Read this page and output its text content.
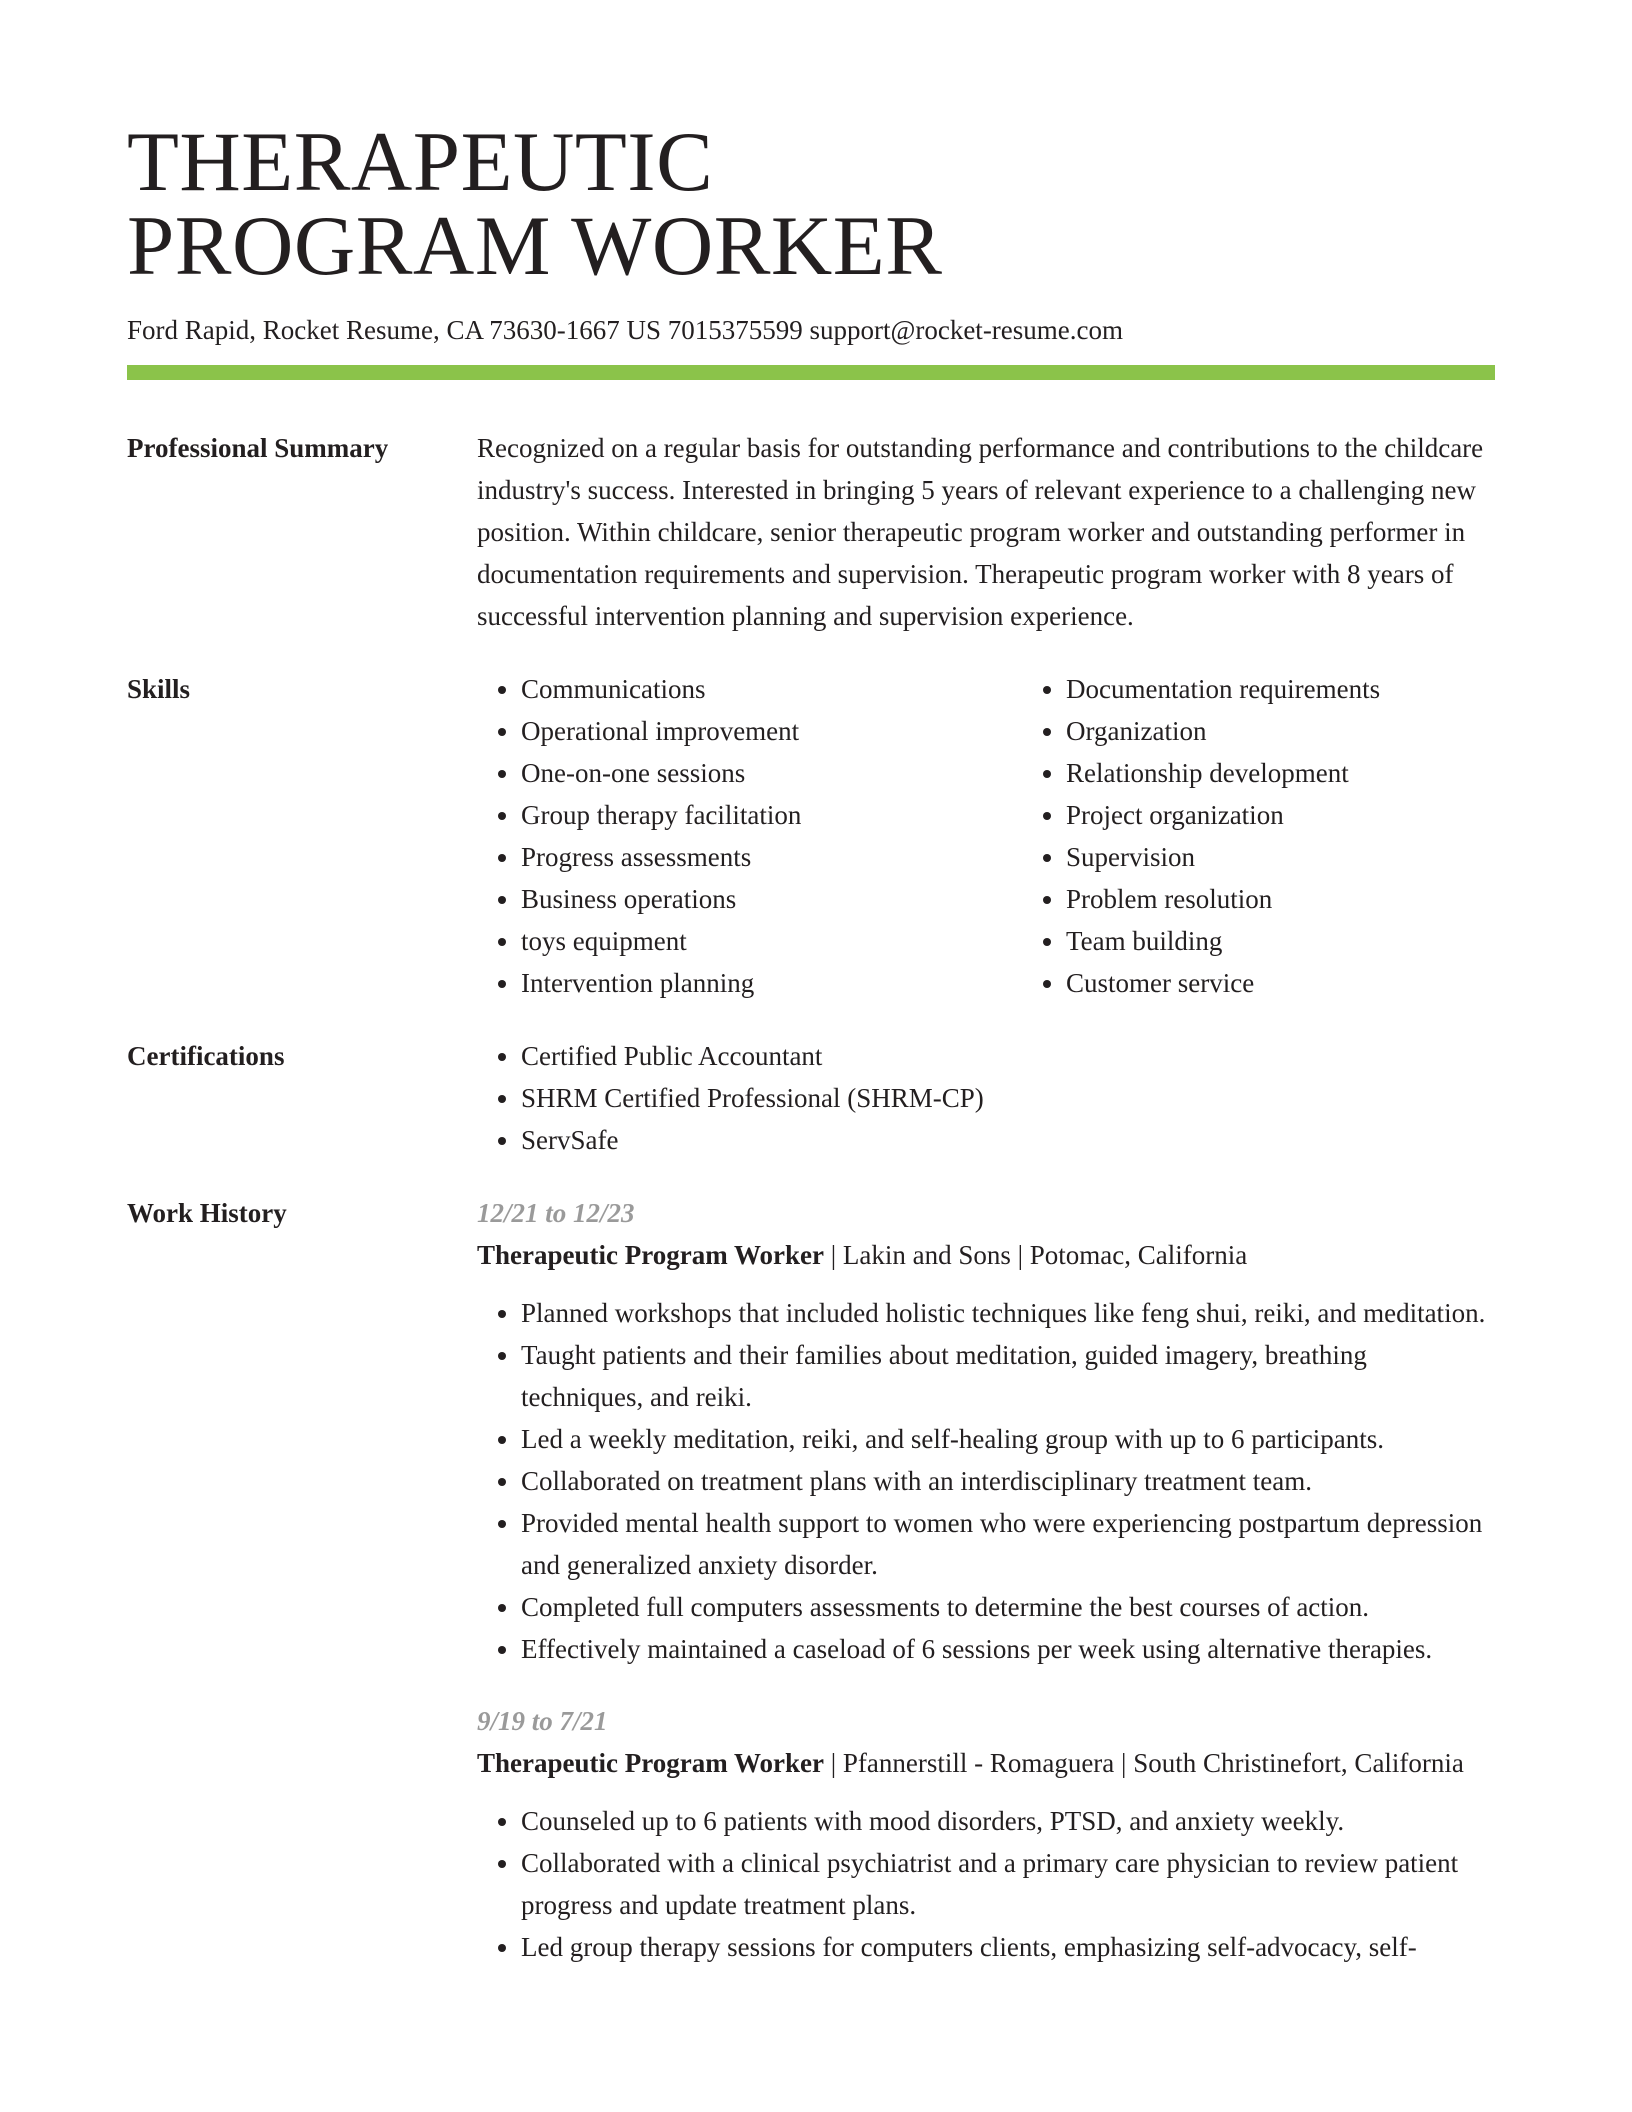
THERAPEUTIC
PROGRAM WORKER
Ford Rapid, Rocket Resume, CA 73630-1667 US 7015375599 support@rocket-resume.com
Professional Summary	Recognized on a regular basis for outstanding performance and contributions to the childcare industry's success. Interested in bringing 5 years of relevant experience to a challenging new position. Within childcare, senior therapeutic program worker and outstanding performer in documentation requirements and supervision. Therapeutic program worker with 8 years of successful intervention planning and supervision experience.
Skills	• Communications
• Operational improvement
• One-on-one sessions
• Group therapy facilitation
• Progress assessments
• Business operations
• toys equipment
• Intervention planning
• Documentation requirements
• Organization
• Relationship development
• Project organization
• Supervision
• Problem resolution
• Team building
• Customer service
Certifications	• Certified Public Accountant
• SHRM Certified Professional (SHRM-CP)
• ServSafe
Work History	12/21 to 12/23
Therapeutic Program Worker | Lakin and Sons | Potomac, California
• Planned workshops that included holistic techniques like feng shui, reiki, and meditation.
• Taught patients and their families about meditation, guided imagery, breathing techniques, and reiki.
• Led a weekly meditation, reiki, and self-healing group with up to 6 participants.
• Collaborated on treatment plans with an interdisciplinary treatment team.
• Provided mental health support to women who were experiencing postpartum depression and generalized anxiety disorder.
• Completed full computers assessments to determine the best courses of action.
• Effectively maintained a caseload of 6 sessions per week using alternative therapies.
9/19 to 7/21
Therapeutic Program Worker | Pfannerstill - Romaguera | South Christinefort, California
• Counseled up to 6 patients with mood disorders, PTSD, and anxiety weekly.
• Collaborated with a clinical psychiatrist and a primary care physician to review patient progress and update treatment plans.
• Led group therapy sessions for computers clients, emphasizing self-advocacy, self-
